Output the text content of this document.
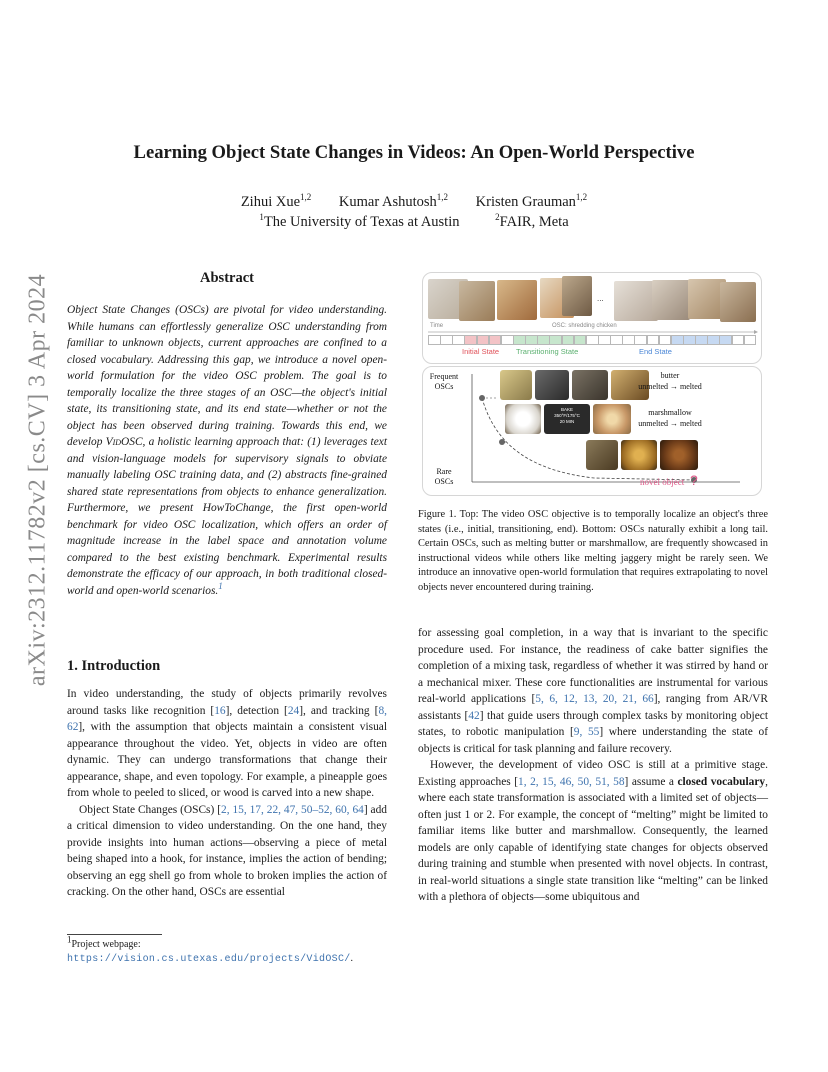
arXiv:2312.11782v2 [cs.CV] 3 Apr 2024
Learning Object State Changes in Videos: An Open-World Perspective
Zihui Xue$^{1,2}$ Kumar Ashutosh$^{1,2}$ Kristen Grauman$^{1,2}$
$^1$The University of Texas at Austin	$^2$FAIR, Meta
Abstract
Object State Changes (OSCs) are pivotal for video understanding. While humans can effortlessly generalize OSC understanding from familiar to unknown objects, current approaches are confined to a closed vocabulary. Addressing this gap, we introduce a novel open-world formulation for the video OSC problem. The goal is to temporally localize the three stages of an OSC—the object's initial state, its transitioning state, and its end state—whether or not the object has been observed during training. Towards this end, we develop VidOSC, a holistic learning approach that: (1) leverages text and vision-language models for supervisory signals to obviate manually labeling OSC training data, and (2) abstracts fine-grained shared state representations from objects to enhance generalization. Furthermore, we present HowToChange, the first open-world benchmark for video OSC localization, which offers an order of magnitude increase in the label space and annotation volume compared to the best existing benchmark. Experimental results demonstrate the efficacy of our approach, in both traditional closed-world and open-world scenarios.$^1$
1. Introduction

In video understanding, the study of objects primarily revolves around tasks like recognition [16], detection [24], and tracking [8, 62], with the assumption that objects maintain a consistent visual appearance throughout the video. Yet, objects in video are often dynamic. They can undergo transformations that change their appearance, shape, and even topology. For example, a pineapple goes from whole to peeled to sliced, or wood is carved into a new shape.

Object State Changes (OSCs) [2, 15, 17, 22, 47, 50–52, 60, 64] add a critical dimension to video understanding. On the one hand, they provide insights into human actions—observing a piece of metal being shaped into a hook, for instance, implies the action of bending; observing an egg shell go from whole to broken implies the action of cracking. On the other hand, OSCs are essential

$^1$Project webpage: https://vision.cs.utexas.edu/projects/VidOSC/.
...
Time	OSC: shredding chicken
Initial State Transitioning State	End State
Frequent
OSCs
Rare
OSCs
butter
unmelted → melted
BAKE
350°F/175°C
20 MIN
marshmallow
unmelted → melted
novel object ?
Figure 1. Top: The video OSC objective is to temporally localize an object's three states (i.e., initial, transitioning, end). Bottom: OSCs naturally exhibit a long tail. Certain OSCs, such as melting butter or marshmallow, are frequently showcased in instructional videos while others like melting jaggery might be rarely seen. We introduce an innovative open-world formulation that requires extrapolating to novel objects never encountered during training.

for assessing goal completion, in a way that is invariant to the specific procedure used. For instance, the readiness of cake batter signifies the completion of a mixing task, regardless of whether it was stirred by hand or a mechanical mixer. These core functionalities are instrumental for various real-world applications [5, 6, 12, 13, 20, 21, 66], ranging from AR/VR assistants [42] that guide users through complex tasks by monitoring object states, to robotic manipulation [9, 55] where understanding the state of objects is critical for task planning and failure recovery.

However, the development of video OSC is still at a primitive stage. Existing approaches [1, 2, 15, 46, 50, 51, 58] assume a closed vocabulary, where each state transformation is associated with a limited set of objects—often just 1 or 2. For example, the concept of “melting” might be limited to familiar items like butter and marshmallow. Consequently, the learned models are only capable of identifying state changes for objects observed during training and stumble when presented with novel objects. In contrast, in real-world situations a single state transition like “melting” can be linked with a plethora of objects—some ubiquitous and
